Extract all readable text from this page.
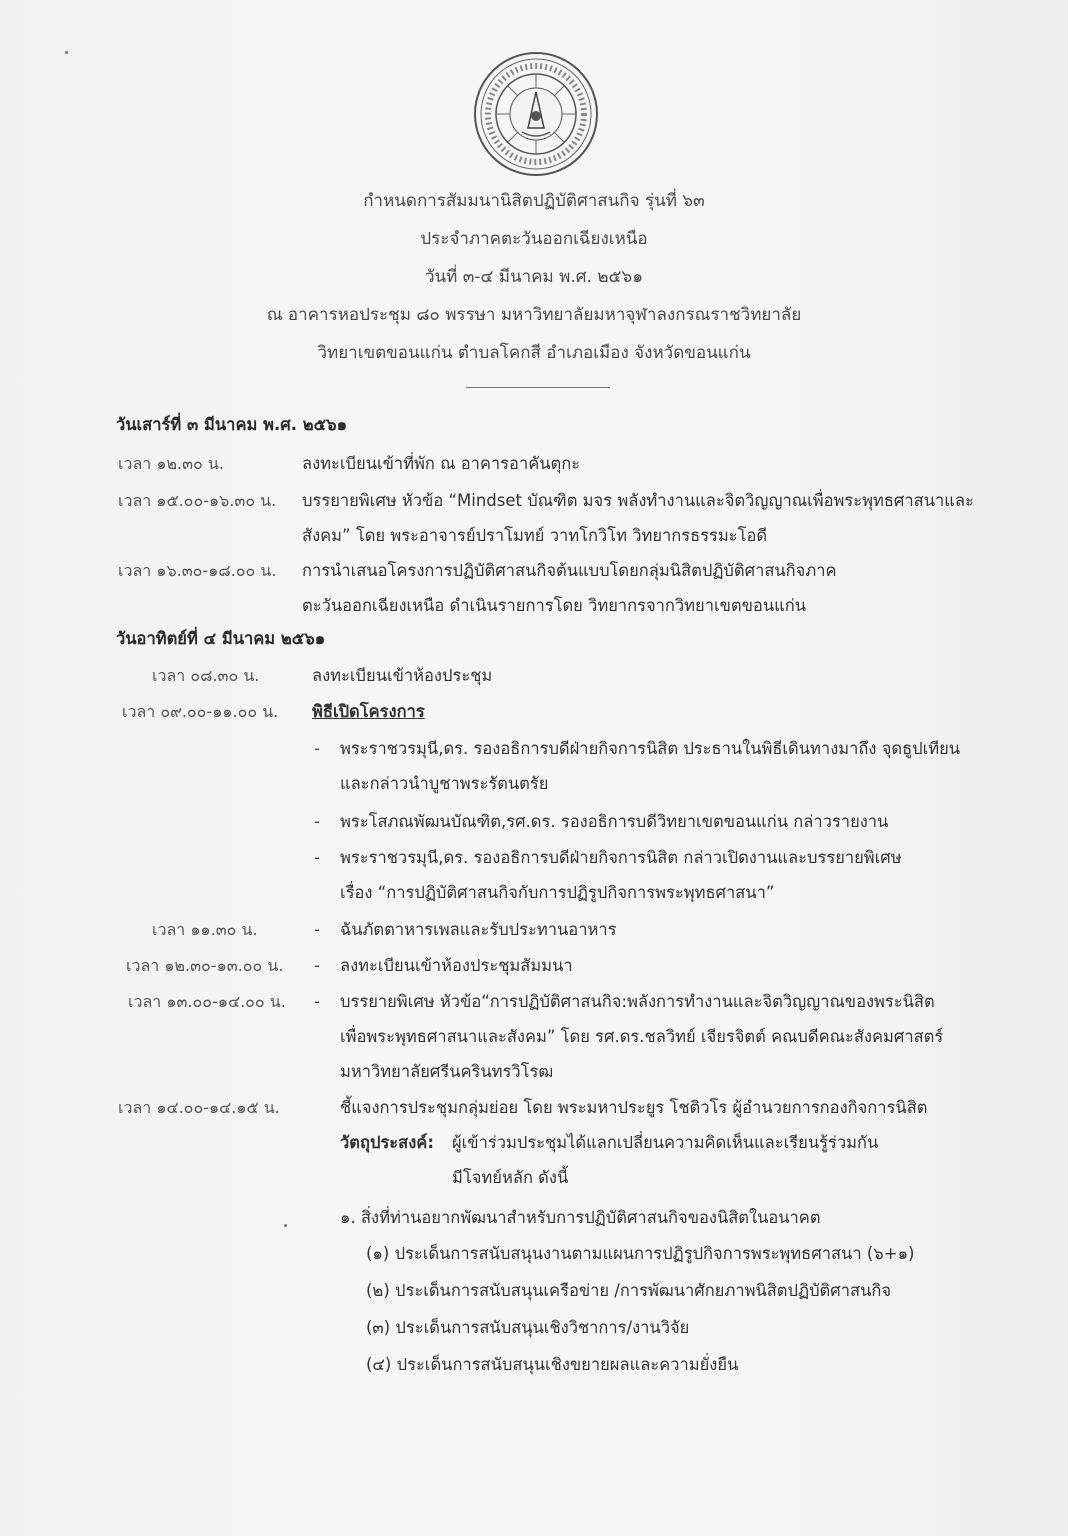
กำหนดการสัมมนานิสิตปฏิบัติศาสนกิจ รุ่นที่ ๖๓
ประจำภาคตะวันออกเฉียงเหนือ
วันที่ ๓-๔ มีนาคม พ.ศ. ๒๕๖๑
ณ อาคารหอประชุม ๘๐ พรรษา มหาวิทยาลัยมหาจุฬาลงกรณราชวิทยาลัย
วิทยาเขตขอนแก่น ตำบลโคกสี อำเภอเมือง จังหวัดขอนแก่น
วันเสาร์ที่ ๓ มีนาคม พ.ศ. ๒๕๖๑
เวลา ๑๒.๓๐ น.	ลงทะเบียนเข้าที่พัก ณ อาคารอาคันตุกะ
เวลา ๑๕.๐๐-๑๖.๓๐ น. บรรยายพิเศษ หัวข้อ “Mindset บัณฑิต มจร พลังทำงานและจิตวิญญาณเพื่อพระพุทธศาสนาและ
สังคม” โดย พระอาจารย์ปราโมทย์ วาทโกวิโท วิทยากรธรรมะโอดี
เวลา ๑๖.๓๐-๑๘.๐๐ น. การนำเสนอโครงการปฏิบัติศาสนกิจต้นแบบโดยกลุ่มนิสิตปฏิบัติศาสนกิจภาค
ตะวันออกเฉียงเหนือ ดำเนินรายการโดย วิทยากรจากวิทยาเขตขอนแก่น
วันอาทิตย์ที่ ๔ มีนาคม ๒๕๖๑
เวลา ๐๘.๓๐ น.	ลงทะเบียนเข้าห้องประชุม
เวลา ๐๙.๐๐-๑๑.๐๐ น. พิธีเปิดโครงการ
- พระราชวรมุนี,ดร. รองอธิการบดีฝ่ายกิจการนิสิต ประธานในพิธีเดินทางมาถึง จุดธูปเทียน
และกล่าวนำบูชาพระรัตนตรัย
- พระโสภณพัฒนบัณฑิต,รศ.ดร. รองอธิการบดีวิทยาเขตขอนแก่น กล่าวรายงาน
- พระราชวรมุนี,ดร. รองอธิการบดีฝ่ายกิจการนิสิต กล่าวเปิดงานและบรรยายพิเศษ
เรื่อง “การปฏิบัติศาสนกิจกับการปฏิรูปกิจการพระพุทธศาสนา”
เวลา ๑๑.๓๐ น.	- ฉันภัตตาหารเพลและรับประทานอาหาร
เวลา ๑๒.๓๐-๑๓.๐๐ น. - ลงทะเบียนเข้าห้องประชุมสัมมนา
เวลา ๑๓.๐๐-๑๔.๐๐ น. - บรรยายพิเศษ หัวข้อ“การปฏิบัติศาสนกิจ:พลังการทำงานและจิตวิญญาณของพระนิสิต
เพื่อพระพุทธศาสนาและสังคม” โดย รศ.ดร.ชลวิทย์ เจียรจิตต์ คณบดีคณะสังคมศาสตร์
มหาวิทยาลัยศรีนครินทรวิโรฒ
เวลา ๑๔.๐๐-๑๔.๑๕ น.	ชี้แจงการประชุมกลุ่มย่อย โดย พระมหาประยูร โชติวโร ผู้อำนวยการกองกิจการนิสิต
วัตถุประสงค์: ผู้เข้าร่วมประชุมได้แลกเปลี่ยนความคิดเห็นและเรียนรู้ร่วมกัน
มีโจทย์หลัก ดังนี้
๑. สิ่งที่ท่านอยากพัฒนาสำหรับการปฏิบัติศาสนกิจของนิสิตในอนาคต
(๑) ประเด็นการสนับสนุนงานตามแผนการปฏิรูปกิจการพระพุทธศาสนา (๖+๑)
(๒) ประเด็นการสนับสนุนเครือข่าย /การพัฒนาศักยภาพนิสิตปฏิบัติศาสนกิจ
(๓) ประเด็นการสนับสนุนเชิงวิชาการ/งานวิจัย
(๔) ประเด็นการสนับสนุนเชิงขยายผลและความยั่งยืน
